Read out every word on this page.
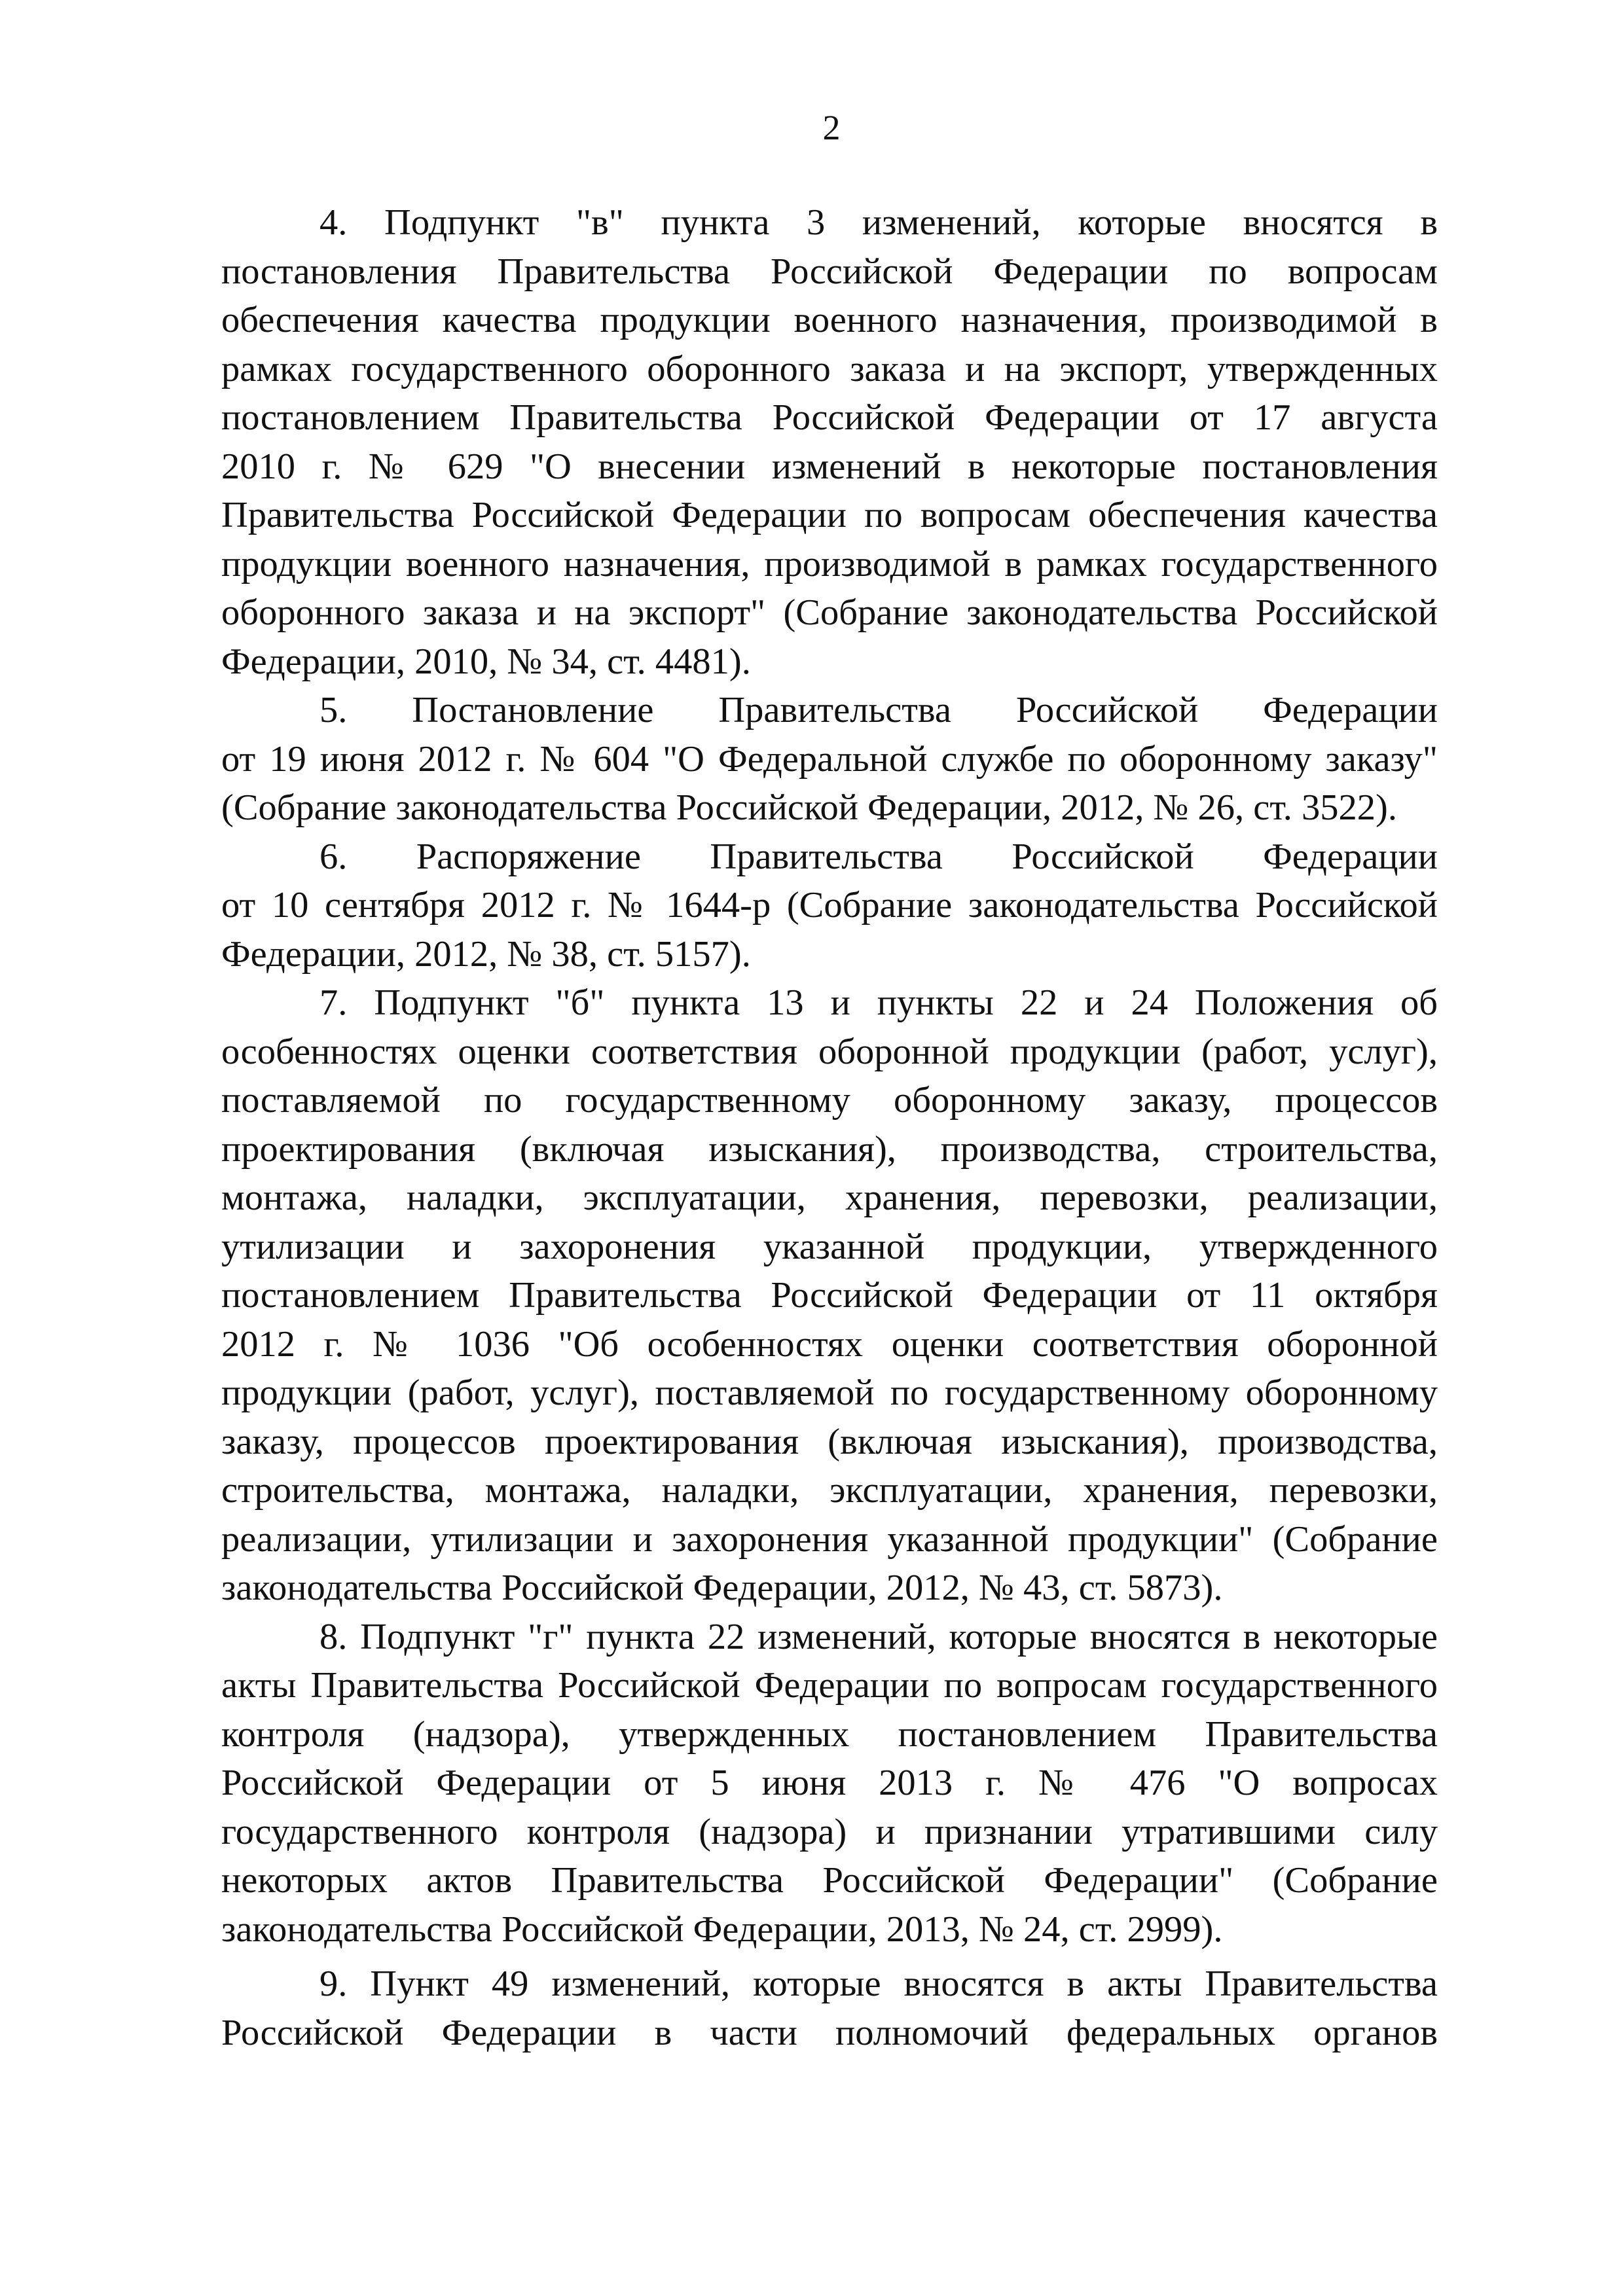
2
4. Подпункт "в" пункта 3 изменений, которые вносятся в
постановления Правительства Российской Федерации по вопросам
обеспечения качества продукции военного назначения, производимой в
рамках государственного оборонного заказа и на экспорт, утвержденных
постановлением Правительства Российской Федерации от 17 августа
2010 г. № 629 "О внесении изменений в некоторые постановления
Правительства Российской Федерации по вопросам обеспечения качества
продукции военного назначения, производимой в рамках государственного
оборонного заказа и на экспорт" (Собрание законодательства Российской
Федерации, 2010, № 34, ст. 4481).
5. Постановление Правительства Российской Федерации
от 19 июня 2012 г. № 604 "О Федеральной службе по оборонному заказу"
(Собрание законодательства Российской Федерации, 2012, № 26, ст. 3522).
6. Распоряжение Правительства Российской Федерации
от 10 сентября 2012 г. № 1644-р (Собрание законодательства Российской
Федерации, 2012, № 38, ст. 5157).
7. Подпункт "б" пункта 13 и пункты 22 и 24 Положения об
особенностях оценки соответствия оборонной продукции (работ, услуг),
поставляемой по государственному оборонному заказу, процессов
проектирования (включая изыскания), производства, строительства,
монтажа, наладки, эксплуатации, хранения, перевозки, реализации,
утилизации и захоронения указанной продукции, утвержденного
постановлением Правительства Российской Федерации от 11 октября
2012 г. № 1036 "Об особенностях оценки соответствия оборонной
продукции (работ, услуг), поставляемой по государственному оборонному
заказу, процессов проектирования (включая изыскания), производства,
строительства, монтажа, наладки, эксплуатации, хранения, перевозки,
реализации, утилизации и захоронения указанной продукции" (Собрание
законодательства Российской Федерации, 2012, № 43, ст. 5873).
8. Подпункт "г" пункта 22 изменений, которые вносятся в некоторые
акты Правительства Российской Федерации по вопросам государственного
контроля (надзора), утвержденных постановлением Правительства
Российской Федерации от 5 июня 2013 г. № 476 "О вопросах
государственного контроля (надзора) и признании утратившими силу
некоторых актов Правительства Российской Федерации" (Собрание
законодательства Российской Федерации, 2013, № 24, ст. 2999).
9. Пункт 49 изменений, которые вносятся в акты Правительства
Российской Федерации в части полномочий федеральных органов
